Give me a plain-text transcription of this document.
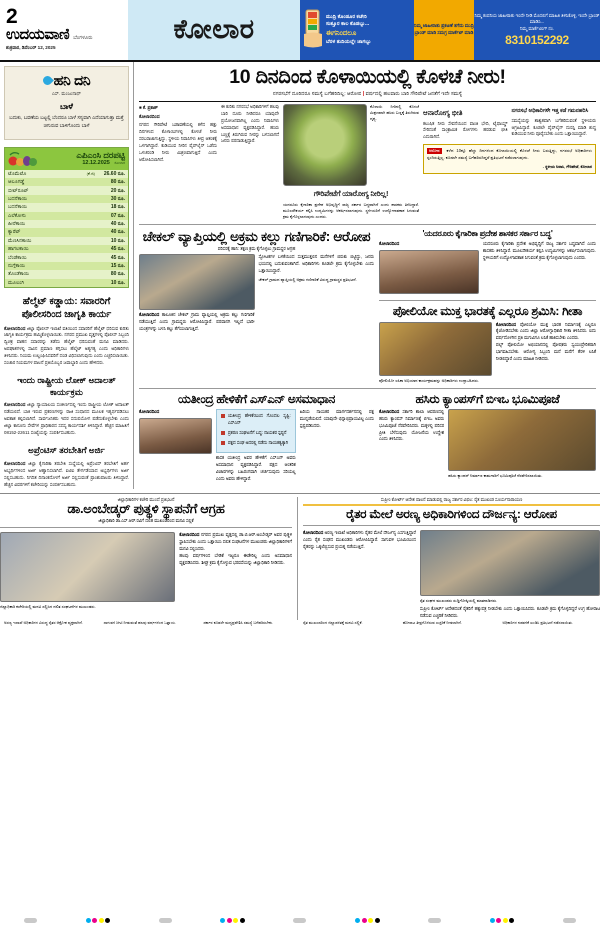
2
ಉದಯವಾಣಿ ಬೆಂಗಳೂರು
ಶುಕ್ರವಾರ, ಡಿಸೆಂಬರ್ 12, 2025
ಕೋಲಾರ	ಮುದ್ರಿ ಕೊಂಡೂರ ಕಚೇರಿ
ಸುತ್ತೂರ ಕಾಲ ಕೊಡಬ್ಬು...
ಈಗನಿಂದಲೂ
ಬೆರಳ ತುದಿಯಲ್ಲೇ ಜಾಗಬ್ಬು
ನಿಮ್ಮ ಜಾಹೀರಾತು ಪ್ರಕಟಣೆ ತಗೆದು ಮುದ್ರಿ ಬ್ರಾಂಡ್ ಮಾಡಿ ಸಮಗ್ರ ಮಾರ್ಕೆಟ್ ಮಾಡಿ
ನಿಮ್ಮ ಕಂಪನಿಯ ಜಾಹೀರಾತು ಇಂದೇ ನೀಡಿ ಮೊದಲಿಗೆ ಮಾಹಿತಿ ತಿಳಿಸಿಕೊಳ್ಳಿ, ಇಂದೇ ಬ್ರಾಂಡ್ ಮಾಡಿಸಿ...
ನಿಮ್ಮ ಮಾರ್ಕೆಟಿಂಗ್ ನಂ.
8310152292
ಹನಿ ದನಿ
ಎಸ್. ಮಂಜುನಾಥ್
ಬಾಳೆ
ಬದುಕು, ಬವಣೆಯ ಬಟ್ಟಲ್ಲಿ ಬೆಂದರೂ ಬಾಳೆ ಸಸ್ಯವಾಗಿ ಎದೆಯಾಗುತ್ತಾ ಮತ್ತೆ ಚಿಗುರುವ ಬಾಳಿಗೊಂದು ಬಾಳೆ
ಎಪಿಎಂಸಿ ದರಪಟ್ಟಿ
12.12.2025 ಕೋಲಾರ
ಟೊಮೆಟೊ	(ಕೆ.ಜಿ)	26.60 ರೂ.
ಆಲೂಗಡ್ಡೆ	80 ರೂ.
ಬೀಟ್‌ರೂಟ್	20 ರೂ.
ಬದನೆಕಾಯಿ	30 ರೂ.
ಬದನೆಕಾಯಿ	18 ರೂ.
ಎಲೆಕೋಸು	07 ರೂ.
ಹೀರೆಕಾಯಿ	40 ರೂ.
ಕ್ಯಾರೆಟ್	40 ರೂ.
ಮೆಣಸಿನಕಾಯಿ	10 ರೂ.
ಹಾಗಲಕಾಯಿ	45 ರೂ.
ಬೆಂಡೆಕಾಯಿ	45 ರೂ.
ನುಗ್ಗೆಕಾಯಿ	15 ರೂ.
ತೊಂಡೆಕಾಯಿ	80 ರೂ.
ಮೂಲಂಗಿ	10 ರೂ.
ಹೆಲ್ಮೆಟ್ ಕಡ್ಡಾಯ: ಸವಾರರಿಗೆ ಪೊಲೀಸರಿಂದ ಜಾಗೃತಿ ಕಾರ್ಯ
ಕೋಲಾರದಿಂದ ಜಿಲ್ಲಾ ಪೊಲೀಸ್ ಇಲಾಖೆ ವತಿಯಿಂದ ಸವಾರರಿಗೆ ಹೆಲ್ಮೆಟ್ ಧರಿಸುವ ಕುರಿತು ಜಾಗೃತಿ ಕಾರ್ಯಕ್ರಮ ಹಮ್ಮಿಕೊಳ್ಳಲಾಯಿತು. ನಗರದ ಪ್ರಮುಖ ವೃತ್ತಗಳಲ್ಲಿ ಪೊಲೀಸ್ ಸಿಬ್ಬಂದಿ ದ್ವಿಚಕ್ರ ವಾಹನ ಸವಾರರನ್ನು ತಡೆದು ಹೆಲ್ಮೆಟ್ ಧರಿಸುವಂತೆ ಮನವಿ ಮಾಡಿದರು. ಅಪಘಾತಗಳಲ್ಲಿ ಸಾವಿನ ಪ್ರಮಾಣ ತಗ್ಗಿಸಲು ಹೆಲ್ಮೆಟ್ ಅತ್ಯಗತ್ಯ ಎಂದು ಅಧಿಕಾರಿಗಳು ತಿಳಿಸಿದರು. ನಿಯಮ ಉಲ್ಲಂಘಿಸಿದವರಿಗೆ ದಂಡ ವಿಧಿಸಲಾಗುವುದು ಎಂದು ಎಚ್ಚರಿಸಲಾಯಿತು. ಸಂಚಾರ ನಿಯಮಗಳ ಪಾಲನೆ ಪ್ರತಿಯೊಬ್ಬರ ಜವಾಬ್ದಾರಿ ಎಂದು ಹೇಳಿದರು.
ಇಂದು ರಾಷ್ಟ್ರೀಯ ಲೋಕ್ ಅದಾಲತ್ ಕಾರ್ಯಕ್ರಮ
ಕೋಲಾರದಿಂದ ಜಿಲ್ಲಾ ನ್ಯಾಯಾಲಯ ಸಂಕೀರ್ಣದಲ್ಲಿ ಇಂದು ರಾಷ್ಟ್ರೀಯ ಲೋಕ್ ಅದಾಲತ್ ನಡೆಯಲಿದೆ. ಬಾಕಿ ಇರುವ ಪ್ರಕರಣಗಳನ್ನು ರಾಜಿ ಸಂಧಾನದ ಮೂಲಕ ಇತ್ಯರ್ಥಪಡಿಸಲು ಅವಕಾಶ ಕಲ್ಪಿಸಲಾಗಿದೆ. ಸಾರ್ವಜನಿಕರು ಇದರ ಸದುಪಯೋಗ ಪಡೆದುಕೊಳ್ಳಬೇಕು ಎಂದು ಜಿಲ್ಲಾ ಕಾನೂನು ಸೇವೆಗಳ ಪ್ರಾಧಿಕಾರದ ಸದಸ್ಯ ಕಾರ್ಯದರ್ಶಿ ತಿಳಿಸಿದ್ದಾರೆ. ಹೆಚ್ಚಿನ ಮಾಹಿತಿಗೆ 08152-22611 ಸಂಖ್ಯೆಯನ್ನು ಸಂಪರ್ಕಿಸಬಹುದು.
ಅಪ್ರೆಂಟಿಸ್ ತರಬೇತಿಗೆ ಅರ್ಜಿ
ಕೋಲಾರದಿಂದ ಜಿಲ್ಲಾ ಕೈಗಾರಿಕಾ ತರಬೇತಿ ಸಂಸ್ಥೆಯಲ್ಲಿ ಅಪ್ರೆಂಟಿಸ್ ತರಬೇತಿಗೆ ಅರ್ಹ ಅಭ್ಯರ್ಥಿಗಳಿಂದ ಅರ್ಜಿ ಆಹ್ವಾನಿಸಲಾಗಿದೆ. ಐಟಿಐ ತೇರ್ಗಡೆಯಾದ ಅಭ್ಯರ್ಥಿಗಳು ಅರ್ಜಿ ಸಲ್ಲಿಸಬಹುದು. ನಿಗದಿತ ದಿನಾಂಕದೊಳಗೆ ಅರ್ಜಿ ಸಲ್ಲಿಸುವಂತೆ ಪ್ರಾಂಶುಪಾಲರು ತಿಳಿಸಿದ್ದಾರೆ. ಹೆಚ್ಚಿನ ವಿವರಗಳಿಗೆ ಕಚೇರಿಯನ್ನು ಸಂಪರ್ಕಿಸಬಹುದು.
10 ದಿನದಿಂದ ಕೊಳಾಯಿಯಲ್ಲಿ ಕೊಳಚೆ ನೀರು!
ನಗರಸಭೆಗೆ ದೂರಿದರೂ ಸಮಸ್ಯೆ ಬಗೆಹರಿದಿಲ್ಲ: ಆರೋಪ | ವರ್ಷದಲ್ಲಿ ಹಲವಾರು ಬಾರಿ ಗೌರಿಪೇಟೆ ಜನತೆಗೆ ಇದೇ ಸಮಸ್ಯೆ
■ ಕೆ. ಪ್ರಕಾಶ್
ಕೋಲಾರದಿಂದ
ನಗರದ ಗೌರಿಪೇಟೆ ಬಡಾವಣೆಯಲ್ಲಿ ಕಳೆದ ಹತ್ತು ದಿನಗಳಿಂದ ಕೊಳಾಯಿಗಳಲ್ಲಿ ಕೊಳಚೆ ನೀರು ಸರಬರಾಜಾಗುತ್ತಿದ್ದು, ಸ್ಥಳೀಯ ನಿವಾಸಿಗಳು ತೀವ್ರ ಆತಂಕಕ್ಕೆ ಒಳಗಾಗಿದ್ದಾರೆ. ಕುಡಿಯುವ ನೀರಿನ ಪೈಪ್‌ಲೈನ್ ಒಡೆದು ಒಳಚರಂಡಿ ನೀರು ಮಿಶ್ರಣವಾಗುತ್ತಿದೆ ಎಂದು ಆರೋಪಿಸಲಾಗಿದೆ.
ಈ ಕುರಿತು ನಗರಸಭೆ ಅಧಿಕಾರಿಗಳಿಗೆ ಹಲವು ಬಾರಿ ದೂರು ನೀಡಿದರೂ ಯಾವುದೇ ಪ್ರಯೋಜನವಾಗಿಲ್ಲ ಎಂದು ನಿವಾಸಿಗಳು ಅಸಮಾಧಾನ ವ್ಯಕ್ತಪಡಿಸಿದ್ದಾರೆ. ಹಸಿರು ಬಣ್ಣಕ್ಕೆ ತಿರುಗಿರುವ ನೀರನ್ನು ಬಳಸಲಾಗದೆ ಜನರು ಪರದಾಡುತ್ತಿದ್ದಾರೆ.
ಕೊಳಾಯಿ ನೀರಿನಲ್ಲಿ ಕೊಳಚೆ ಮಿಶ್ರಣವಾಗಿ ಹಸಿರು ಬಣ್ಣಕ್ಕೆ ತಿರುಗಿರುವ ದೃಶ್ಯ.
ಗೌರಿಪೇಟೆಗೆ ಯಾರೋಗ್ಯ ನೀರಿಲ್ಲ!
ಯದರೂರು ಕೈಗಾರಿಕಾ ಪ್ರದೇಶ ಅಭಿವೃದ್ಧಿಗೆ ರಾಜ್ಯ ಸರ್ಕಾರ ಬದ್ಧವಾಗಿದೆ ಎಂದು ಶಾಸಕರು ತಿಳಿಸಿದ್ದಾರೆ. ಮೂಲಸೌಕರ್ಯ ಕಲ್ಪಿಸಿ ಉದ್ಯಮಿಗಳನ್ನು ಆಕರ್ಷಿಸಲಾಗುವುದು. ಸ್ಥಳೀಯರಿಗೆ ಉದ್ಯೋಗಾವಕಾಶ ಸಿಗುವಂತೆ ಕ್ರಮ ಕೈಗೊಳ್ಳಲಾಗುವುದು ಎಂದರು.
ಆನಾರೋಗ್ಯ ಭೀತಿ
ಕಲುಷಿತ ನೀರು ಸೇವನೆಯಿಂದ ವಾಂತಿ ಭೇದಿ, ಟೈಫಾಯ್ಡ್ ಸೇರಿದಂತೆ ಸಾಂಕ್ರಾಮಿಕ ರೋಗಗಳು ಹರಡುವ ಭೀತಿ ಎದುರಾಗಿದೆ.
ನಗರಸಭೆ ಅಧಿಕಾರಿಗಳೇ ಇತ್ತ ಕಡೆ ಗಮನಹರಿಸಿ
ಸಮಸ್ಯೆಯನ್ನು ಶಾಶ್ವತವಾಗಿ ಬಗೆಹರಿಸುವಂತೆ ಸ್ಥಳೀಯರು ಆಗ್ರಹಿಸಿದ್ದಾರೆ. ಕೂಡಲೇ ಪೈಪ್‌ಲೈನ್ ದುರಸ್ತಿ ಮಾಡಿ ಶುದ್ಧ ಕುಡಿಯುವ ನೀರು ಪೂರೈಸಬೇಕು ಎಂದು ಒತ್ತಾಯಿಸಿದ್ದಾರೆ.
ಆರೋಪ ಕಳೆದ 10ಕ್ಕೂ ಹೆಚ್ಚು ದಿನಗಳಿಂದ ಕೊಳಾಯಿಯಲ್ಲಿ ಕೊಳಚೆ ನೀರು ಬರುತ್ತಿದ್ದು, ನಗರಸಭೆ ಅಧಿಕಾರಿಗಳು ಸ್ಪಂದಿಸುತ್ತಿಲ್ಲ. ಕೂಡಲೇ ಸಮಸ್ಯೆ ಬಗೆಹರಿಸದಿದ್ದರೆ ಪ್ರತಿಭಟನೆ ನಡೆಸಲಾಗುವುದು.
- ಸ್ಥಳೀಯ ನಿವಾಸಿ, ಗೌರಿಪೇಟೆ, ಕೋಲಾರ
ಚೇಕಲ್ ವ್ಯಾಪ್ತಿಯಲ್ಲಿ ಅಕ್ರಮ ಕಲ್ಲು ಗಣಿಗಾರಿಕೆ: ಆರೋಪ
ಪರಿಸರಕ್ಕೆ ಹಾನಿ: ತಕ್ಷಣ ಕ್ರಮ ಕೈಗೊಳ್ಳಲು ಗ್ರಾಮಸ್ಥರ ಆಗ್ರಹ
ಕೋಲಾರದಿಂದ ತಾಲೂಕಿನ ಚೇಕಲ್ ಗ್ರಾಮ ವ್ಯಾಪ್ತಿಯಲ್ಲಿ ಅಕ್ರಮ ಕಲ್ಲು ಗಣಿಗಾರಿಕೆ ನಡೆಯುತ್ತಿದೆ ಎಂದು ಗ್ರಾಮಸ್ಥರು ಆರೋಪಿಸಿದ್ದಾರೆ. ಪರವಾನಗಿ ಇಲ್ಲದೆ ಭಾರೀ ಯಂತ್ರಗಳನ್ನು ಬಳಸಿ ಕಲ್ಲು ತೆಗೆಯಲಾಗುತ್ತಿದೆ.
ಸ್ಫೋಟಕಗಳ ಬಳಕೆಯಿಂದ ಸುತ್ತಮುತ್ತಲಿನ ಮನೆಗಳಿಗೆ ಬಿರುಕು ಬಿಟ್ಟಿದ್ದು, ಜನರು ಭಯದಲ್ಲಿ ಬದುಕುವಂತಾಗಿದೆ. ಅಧಿಕಾರಿಗಳು ಕೂಡಲೇ ಕ್ರಮ ಕೈಗೊಳ್ಳಬೇಕು ಎಂದು ಒತ್ತಾಯಿಸಿದ್ದಾರೆ.
ಚೇಕಲ್ ಗ್ರಾಮದ ವ್ಯಾಪ್ತಿಯಲ್ಲಿ ಅಕ್ರಮ ಗಣಿಗಾರಿಕೆ ವಿರುದ್ಧ ಗ್ರಾಮಸ್ಥರ ಪ್ರತಿಭಟನೆ.
'ಯದರೂರು ಕೈಗಾರಿಕಾ ಪ್ರದೇಶ ಶಾಸಕರ ಸರ್ಕಾರ ಬದ್ಧ'
ಕೋಲಾರದಿಂದ	ಯದರೂರು ಕೈಗಾರಿಕಾ ಪ್ರದೇಶ ಅಭಿವೃದ್ಧಿಗೆ ರಾಜ್ಯ ಸರ್ಕಾರ ಬದ್ಧವಾಗಿದೆ ಎಂದು ಶಾಸಕರು ತಿಳಿಸಿದ್ದಾರೆ. ಮೂಲಸೌಕರ್ಯ ಕಲ್ಪಿಸಿ ಉದ್ಯಮಿಗಳನ್ನು ಆಕರ್ಷಿಸಲಾಗುವುದು. ಸ್ಥಳೀಯರಿಗೆ ಉದ್ಯೋಗಾವಕಾಶ ಸಿಗುವಂತೆ ಕ್ರಮ ಕೈಗೊಳ್ಳಲಾಗುವುದು ಎಂದರು.
ಪೋಲಿಯೋ ಮುಕ್ತ ಭಾರತಕ್ಕೆ ಎಲ್ಲರೂ ಶ್ರಮಿಸಿ: ಗೀತಾ
ಪೋಲಿಯೋ ಲಸಿಕಾ ಅಭಿಯಾನ ಕಾರ್ಯಕ್ರಮವನ್ನು ಅಧಿಕಾರಿಗಳು ಉದ್ಘಾಟಿಸಿದರು.
ಕೋಲಾರದಿಂದ ಪೋಲಿಯೋ ಮುಕ್ತ ಭಾರತ ನಿರ್ಮಾಣಕ್ಕೆ ಎಲ್ಲರೂ ಕೈಜೋಡಿಸಬೇಕು ಎಂದು ಜಿಲ್ಲಾ ಆರೋಗ್ಯಾಧಿಕಾರಿ ಗೀತಾ ತಿಳಿಸಿದರು. ಐದು ವರ್ಷದೊಳಗಿನ ಪ್ರತಿ ಮಗುವಿಗೂ ಲಸಿಕೆ ಹಾಕಿಸಬೇಕು ಎಂದರು.
ಪಲ್ಸ್ ಪೋಲಿಯೋ ಅಭಿಯಾನದಲ್ಲಿ ಪೋಷಕರು ಸ್ವಯಂಪ್ರೇರಿತರಾಗಿ ಭಾಗವಹಿಸಬೇಕು. ಆರೋಗ್ಯ ಸಿಬ್ಬಂದಿ ಮನೆ ಮನೆಗೆ ತೆರಳಿ ಲಸಿಕೆ ನೀಡಲಿದ್ದಾರೆ ಎಂದು ಮಾಹಿತಿ ನೀಡಿದರು.
ಯತೀಂದ್ರ ಹೇಳಿಕೆಗೆ ಎಸ್‌ಎನ್ ಅಸಮಾಧಾನ
ಕೋಲಾರದಿಂದ
ಯತೀಂದ್ರ ಹೇಳಿಕೆಯಿಂದ ಗೊಂದಲ ಸೃಷ್ಟಿ: ಎಸ್‌ಎನ್
ಪ್ರಕರಣ ಸಂಘಟನೆಗೆ ಬದ್ಧ: ನಾಯಕರ ಸ್ಪಷ್ಟನೆ
ಪಕ್ಷದ ಸಂಘ ಅದರಲ್ಲಿ ನಡೆದು ನಾಯಕತ್ವಕ್ಕಾಗಿ
ಶಾಸಕ ಯತೀಂದ್ರ ಅವರ ಹೇಳಿಕೆಗೆ ಎಸ್‌ಎನ್ ಅವರು ಅಸಮಾಧಾನ ವ್ಯಕ್ತಪಡಿಸಿದ್ದಾರೆ. ಪಕ್ಷದ ಆಂತರಿಕ ವಿಚಾರಗಳನ್ನು ಬಹಿರಂಗವಾಗಿ ಚರ್ಚಿಸುವುದು ಸರಿಯಲ್ಲ ಎಂದು ಅವರು ಹೇಳಿದ್ದಾರೆ.
ಹಿರಿಯ ನಾಯಕರ ಮಾರ್ಗದರ್ಶನದಲ್ಲಿ ಪಕ್ಷ ಮುನ್ನಡೆಯಲಿದೆ. ಯಾವುದೇ ಭಿನ್ನಾಭಿಪ್ರಾಯವಿಲ್ಲ ಎಂದು ಸ್ಪಷ್ಟಪಡಿಸಿದರು.
ಹಸಿರು ಕ್ಯಾಂಪಸ್‌ಗೆ ಬಿಇಒ ಭೂಮಿಪೂಜೆ
ಕೋಲಾರದಿಂದ ಸರ್ಕಾರಿ ಶಾಲಾ ಆವರಣದಲ್ಲಿ ಹಸಿರು ಕ್ಯಾಂಪಸ್ ನಿರ್ಮಾಣಕ್ಕೆ ಬಿಇಒ ಅವರು ಭೂಮಿಪೂಜೆ ನೆರವೇರಿಸಿದರು. ಮಕ್ಕಳಲ್ಲಿ ಪರಿಸರ ಪ್ರೀತಿ ಬೆಳೆಸುವುದು ಯೋಜನೆಯ ಉದ್ದೇಶ ಎಂದು ತಿಳಿಸಿದರು.
ಹಸಿರು ಕ್ಯಾಂಪಸ್ ನಿರ್ಮಾಣ ಕಾಮಗಾರಿಗೆ ಭೂಮಿಪೂಜೆ ನೆರವೇರಿಸಲಾಯಿತು.
ಜಿಲ್ಲಾಧಿಕಾರಿಗಳ ಕಚೇರಿ ಮುಂದೆ ಪ್ರತಿಭಟನೆ
ಡಾ.ಅಂಬೇಡ್ಕರ್ ಪುತ್ಥಳಿ ಸ್ಥಾಪನೆಗೆ ಆಗ್ರಹ
ಜಿಲ್ಲಾಧಿಕಾರಿ ಡಾ.ಎಸ್.ಆರ್.ರವಿಗೆ ದಲಿತ ಮುಖಂಡರಿಂದ ಮನವಿ ಸಲ್ಲಿಕೆ
ಜಿಲ್ಲಾಧಿಕಾರಿ ಕಚೇರಿಯಲ್ಲಿ ಮನವಿ ಸಲ್ಲಿಸಿದ ದಲಿತ ಸಂಘಟನೆಗಳ ಮುಖಂಡರು.
ಕೋಲಾರದಿಂದ ನಗರದ ಪ್ರಮುಖ ವೃತ್ತದಲ್ಲಿ ಡಾ.ಬಿ.ಆರ್.ಅಂಬೇಡ್ಕರ್ ಅವರ ಪುತ್ಥಳಿ ಸ್ಥಾಪಿಸಬೇಕು ಎಂದು ಒತ್ತಾಯಿಸಿ ದಲಿತ ಸಂಘಟನೆಗಳ ಮುಖಂಡರು ಜಿಲ್ಲಾಧಿಕಾರಿಗಳಿಗೆ ಮನವಿ ಸಲ್ಲಿಸಿದರು.
ಹಲವು ವರ್ಷಗಳಿಂದ ಬೇಡಿಕೆ ಇಟ್ಟರೂ ಈಡೇರಿಲ್ಲ ಎಂದು ಅಸಮಾಧಾನ ವ್ಯಕ್ತಪಡಿಸಿದರು. ಶೀಘ್ರ ಕ್ರಮ ಕೈಗೊಳ್ಳುವ ಭರವಸೆಯನ್ನು ಜಿಲ್ಲಾಧಿಕಾರಿ ನೀಡಿದರು.
ಸುಪ್ರೀಂ ಕೋರ್ಟ್ ಆದೇಶ ಪಾಲನೆ ಮಾಡುವಲ್ಲಿ ರಾಜ್ಯ ಸರ್ಕಾರ ವಿಫಲ: ರೈತ ಮುಖಂಡ ಸೂರ್ಯನಾರಾಯಣ
ರೈತರ ಮೇಲೆ ಅರಣ್ಯ ಅಧಿಕಾರಿಗಳಿಂದ ದೌರ್ಜನ್ಯ: ಆರೋಪ
ಕೋಲಾರದಿಂದ ಅರಣ್ಯ ಇಲಾಖೆ ಅಧಿಕಾರಿಗಳು ರೈತರ ಮೇಲೆ ದೌರ್ಜನ್ಯ ಎಸಗುತ್ತಿದ್ದಾರೆ ಎಂದು ರೈತ ಸಂಘದ ಮುಖಂಡರು ಆರೋಪಿಸಿದ್ದಾರೆ. ಸಾಗುವಳಿ ಭೂಮಿಯಿಂದ ರೈತರನ್ನು ಒಕ್ಕಲೆಬ್ಬಿಸುವ ಪ್ರಯತ್ನ ನಡೆಯುತ್ತಿದೆ.
ರೈತ ಸಂಘದ ಮುಖಂಡರು ಸುದ್ದಿಗೋಷ್ಠಿಯಲ್ಲಿ ಮಾತನಾಡಿದರು.
ಸುಪ್ರೀಂ ಕೋರ್ಟ್ ಆದೇಶದಂತೆ ರೈತರಿಗೆ ಹಕ್ಕುಪತ್ರ ನೀಡಬೇಕು ಎಂದು ಒತ್ತಾಯಿಸಿದರು. ಕೂಡಲೇ ಕ್ರಮ ಕೈಗೊಳ್ಳದಿದ್ದರೆ ಉಗ್ರ ಹೋರಾಟ ನಡೆಸುವ ಎಚ್ಚರಿಕೆ ನೀಡಿದರು.
ಅರಣ್ಯ ಇಲಾಖೆ ಅಧಿಕಾರಿಗಳ ವಿರುದ್ಧ ರೈತರ ಆಕ್ರೋಶ ವ್ಯಕ್ತವಾಗಿದೆ.	ಸಾಗುವಳಿ ಚೀಟಿ ನೀಡುವಂತೆ ಹಲವು ವರ್ಷಗಳಿಂದ ಒತ್ತಾಯ.	ಸರ್ಕಾರ ಕೂಡಲೇ ಮಧ್ಯಪ್ರವೇಶಿಸಿ ಸಮಸ್ಯೆ ಬಗೆಹರಿಸಬೇಕು.	ರೈತ ಮುಖಂಡರಿಂದ ಜಿಲ್ಲಾಡಳಿತಕ್ಕೆ ಮನವಿ ಸಲ್ಲಿಕೆ.	ಹೋರಾಟ ತೀವ್ರಗೊಳಿಸುವ ಎಚ್ಚರಿಕೆ ನೀಡಲಾಗಿದೆ.	ಅಧಿಕಾರಿಗಳ ನಡವಳಿಕೆ ಖಂಡಿಸಿ ಪ್ರತಿಭಟನೆ ನಡೆಸಲಾಯಿತು.
